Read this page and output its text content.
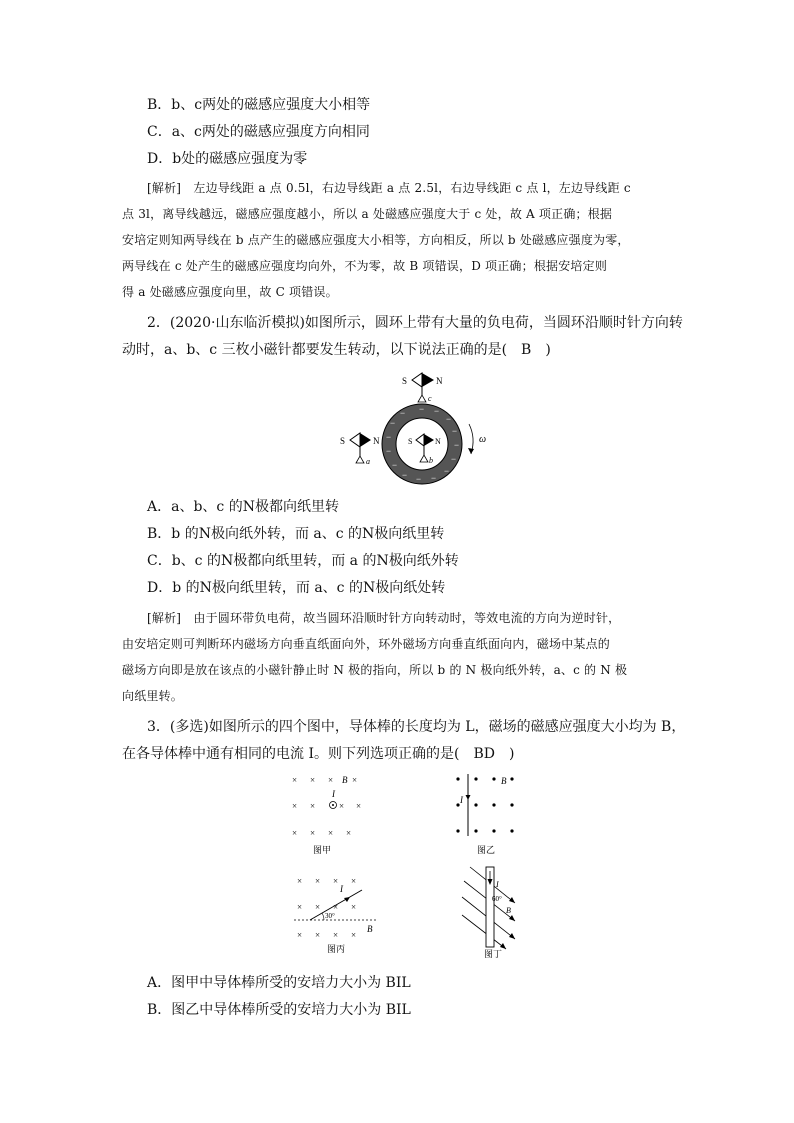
B．b、c两处的磁感应强度大小相等
C．a、c两处的磁感应强度方向相同
D．b处的磁感应强度为零
[解析]　左边导线距 a 点 0.5l，右边导线距 a 点 2.5l，右边导线距 c 点 l，左边导线距 c
点 3l，离导线越远，磁感应强度越小，所以 a 处磁感应强度大于 c 处，故 A 项正确；根据
安培定则知两导线在 b 点产生的磁感应强度大小相等，方向相反，所以 b 处磁感应强度为零，
两导线在 c 处产生的磁感应强度均向外，不为零，故 B 项错误，D 项正确；根据安培定则
得 a 处磁感应强度向里，故 C 项错误。
2．(2020·山东临沂模拟)如图所示，圆环上带有大量的负电荷，当圆环沿顺时针方向转
动时，a、b、c 三枚小磁针都要发生转动，以下说法正确的是(　B　)
S	N
c
− −
−
−
−
−
−
−
−
−
−
−
−
−
−
S	N
b
S	N
a
ω
A．a、b、c 的N极都向纸里转
B．b 的N极向纸外转，而 a、c 的N极向纸里转
C．b、c 的N极都向纸里转，而 a 的N极向纸外转
D．b 的N极向纸里转，而 a、c 的N极向纸处转
[解析]　由于圆环带负电荷，故当圆环沿顺时针方向转动时，等效电流的方向为逆时针，
由安培定则可判断环内磁场方向垂直纸面向外，环外磁场方向垂直纸面向内，磁场中某点的
磁场方向即是放在该点的小磁针静止时 N 极的指向，所以 b 的 N 极向纸外转，a、c 的 N 极
向纸里转。
3．(多选)如图所示的四个图中，导体棒的长度均为 L，磁场的磁感应强度大小均为 B，
在各导体棒中通有相同的电流 I。则下列选项正确的是(　BD　)
× × × ×
× ×	× ×
× × × ×
B
I
图甲
B
I
图乙
× × × ×
× × × ×
× × × ×
I
30°
B
图丙
I
60°
B
图丁
A．图甲中导体棒所受的安培力大小为 BIL
B．图乙中导体棒所受的安培力大小为 BIL
